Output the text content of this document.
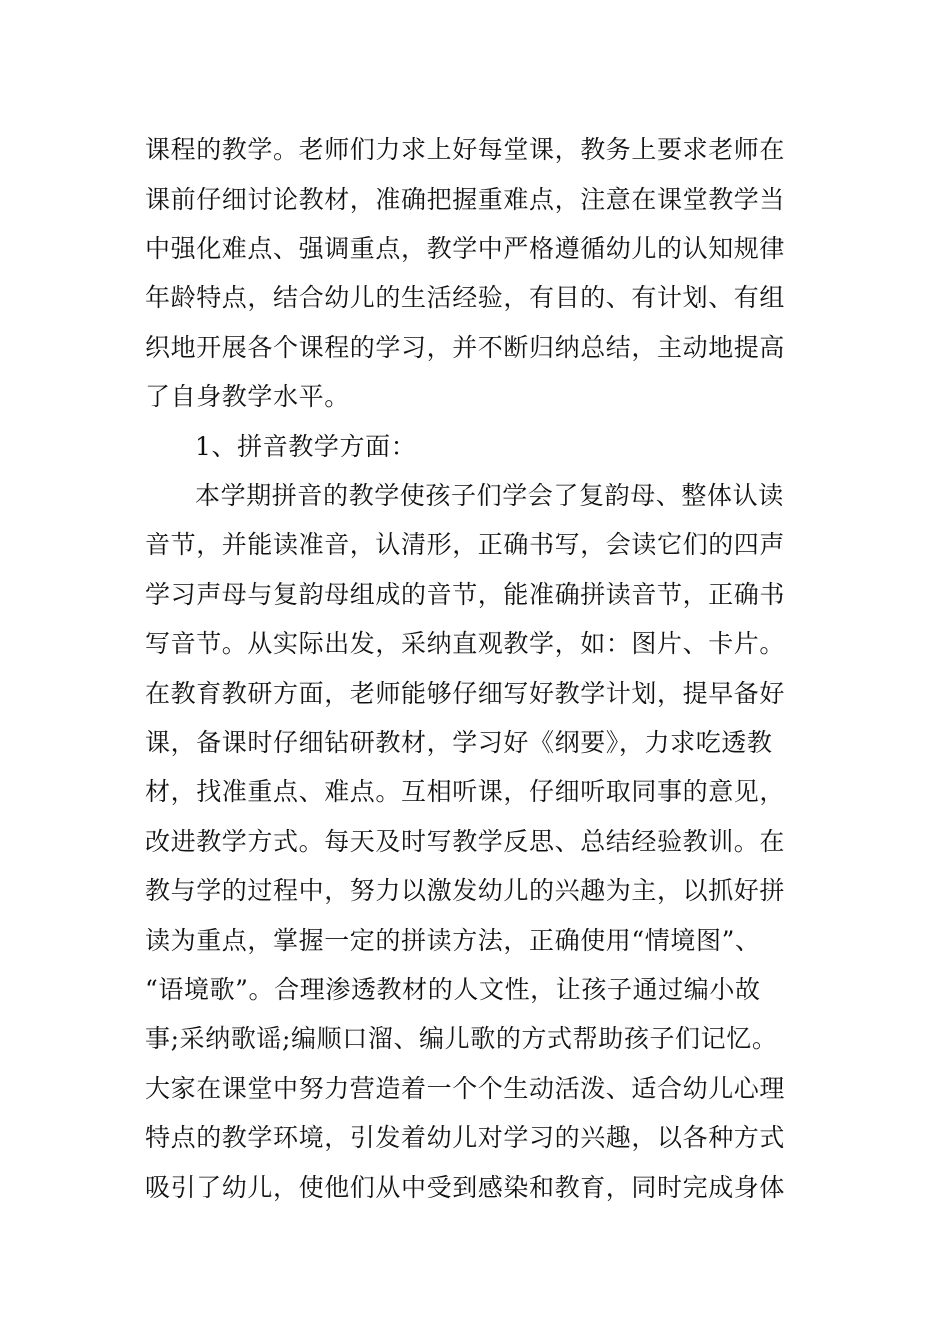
课程的教学。老师们力求上好每堂课，教务上要求老师在
课前仔细讨论教材，准确把握重难点，注意在课堂教学当
中强化难点、强调重点，教学中严格遵循幼儿的认知规律
年龄特点，结合幼儿的生活经验，有目的、有计划、有组
织地开展各个课程的学习，并不断归纳总结，主动地提高
了自身教学水平。
1、拼音教学方面：
本学期拼音的教学使孩子们学会了复韵母、整体认读
音节，并能读准音，认清形，正确书写，会读它们的四声
学习声母与复韵母组成的音节，能准确拼读音节，正确书
写音节。从实际出发，采纳直观教学，如：图片、卡片。
在教育教研方面，老师能够仔细写好教学计划，提早备好
课，备课时仔细钻研教材，学习好《纲要》，力求吃透教
材，找准重点、难点。互相听课，仔细听取同事的意见，
改进教学方式。每天及时写教学反思、总结经验教训。在
教与学的过程中，努力以激发幼儿的兴趣为主，以抓好拼
读为重点，掌握一定的拼读方法，正确使用“情境图”、
“语境歌”。合理渗透教材的人文性，让孩子通过编小故
事;采纳歌谣;编顺口溜、编儿歌的方式帮助孩子们记忆。
大家在课堂中努力营造着一个个生动活泼、适合幼儿心理
特点的教学环境，引发着幼儿对学习的兴趣，以各种方式
吸引了幼儿，使他们从中受到感染和教育，同时完成身体
